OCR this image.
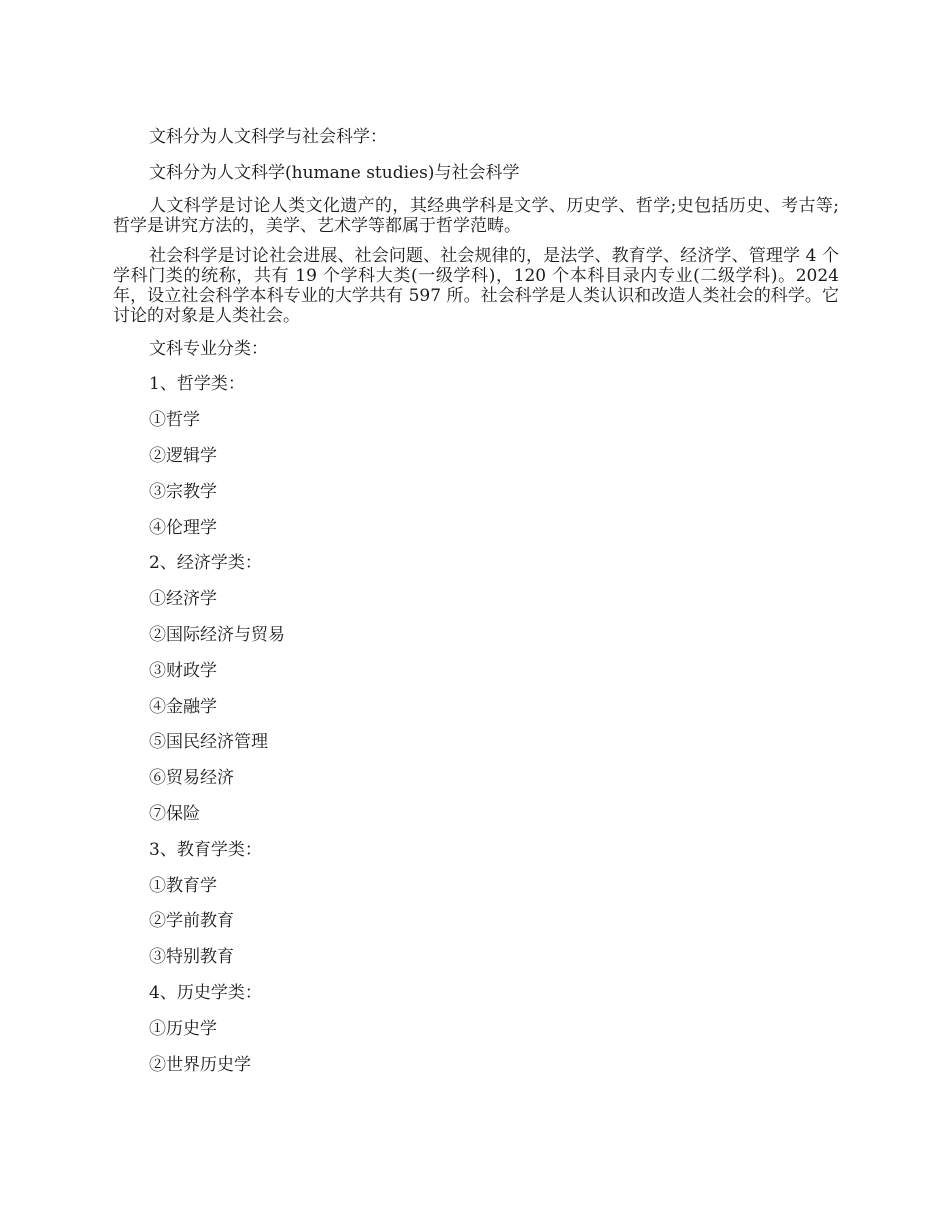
文科分为人文科学与社会科学：

文科分为人文科学(humane studies)与社会科学

人文科学是讨论人类文化遗产的，其经典学科是文学、历史学、哲学;史包括历史、考古等;哲学是讲究方法的，美学、艺术学等都属于哲学范畴。

社会科学是讨论社会进展、社会问题、社会规律的，是法学、教育学、经济学、管理学 4 个学科门类的统称，共有 19 个学科大类(一级学科)，120 个本科目录内专业(二级学科)。2024 年，设立社会科学本科专业的大学共有 597 所。社会科学是人类认识和改造人类社会的科学。它讨论的对象是人类社会。

文科专业分类：

1、哲学类：

①哲学

②逻辑学

③宗教学

④伦理学

2、经济学类：

①经济学

②国际经济与贸易

③财政学

④金融学

⑤国民经济管理

⑥贸易经济

⑦保险

3、教育学类：

①教育学

②学前教育

③特别教育

4、历史学类：

①历史学

②世界历史学
